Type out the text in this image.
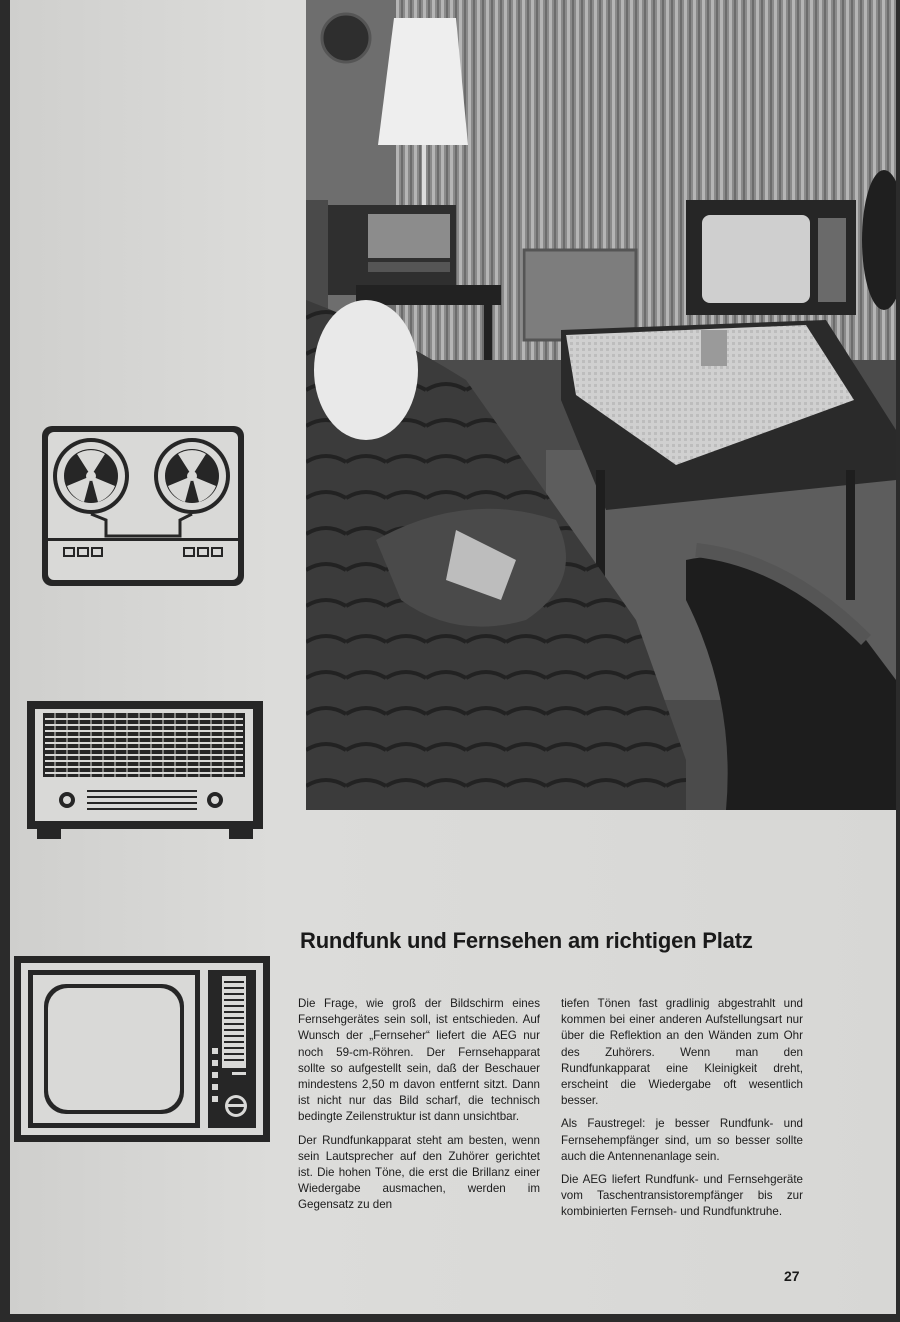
Rundfunk und Fernsehen am richtigen Platz

Die Frage, wie groß der Bildschirm eines Fernsehgerätes sein soll, ist entschieden. Auf Wunsch der „Fernseher“ liefert die AEG nur noch 59-cm-Röhren. Der Fernsehapparat sollte so aufgestellt sein, daß der Beschauer mindestens 2,50 m davon entfernt sitzt. Dann ist nicht nur das Bild scharf, die technisch bedingte Zeilenstruktur ist dann unsichtbar.

Der Rundfunkapparat steht am besten, wenn sein Lautsprecher auf den Zuhörer gerichtet ist. Die hohen Töne, die erst die Brillanz einer Wiedergabe ausmachen, werden im Gegensatz zu den

tiefen Tönen fast gradlinig abgestrahlt und kommen bei einer anderen Aufstellungsart nur über die Reflektion an den Wänden zum Ohr des Zuhörers. Wenn man den Rundfunkapparat eine Kleinigkeit dreht, erscheint die Wiedergabe oft wesentlich besser.

Als Faustregel: je besser Rundfunk- und Fernsehempfänger sind, um so besser sollte auch die Antennenanlage sein.

Die AEG liefert Rundfunk- und Fernsehgeräte vom Taschentransistorempfänger bis zur kombinierten Fernseh- und Rundfunktruhe.

27
